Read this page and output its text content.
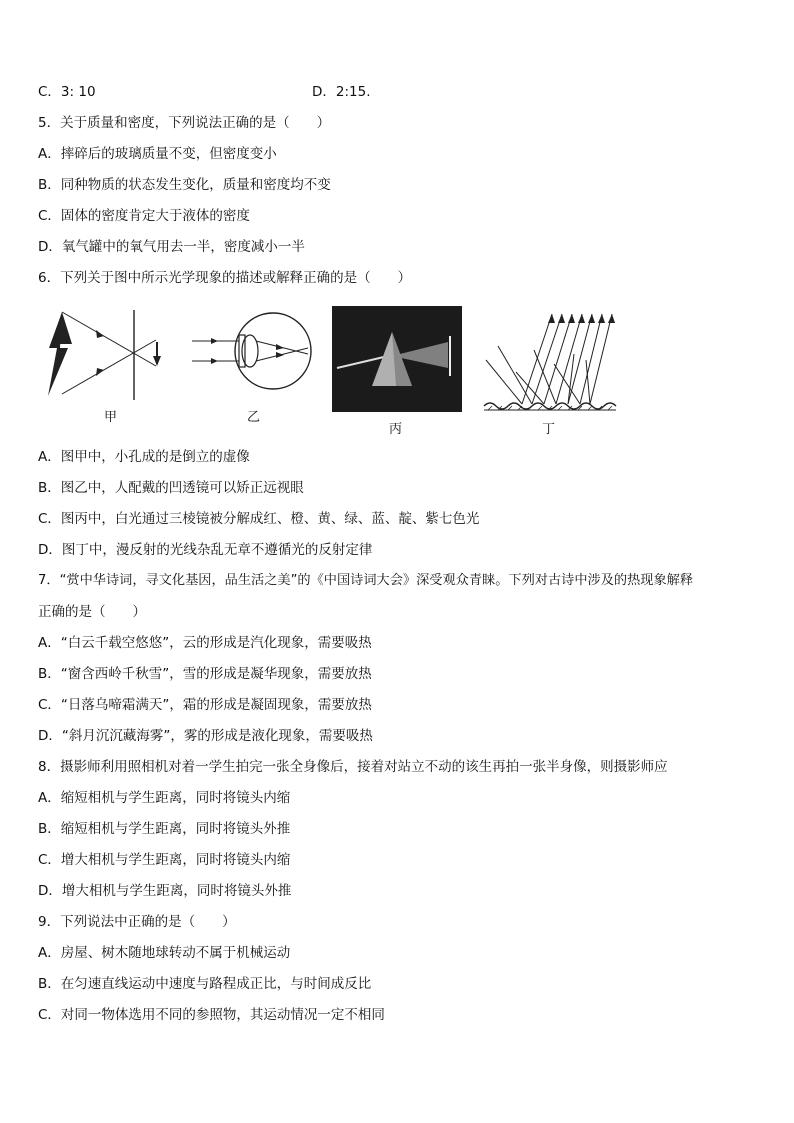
C．3: 10	D．2:15.
5．关于质量和密度，下列说法正确的是（　　）
A．摔碎后的玻璃质量不变，但密度变小
B．同种物质的状态发生变化，质量和密度均不变
C．固体的密度肯定大于液体的密度
D．氧气罐中的氧气用去一半，密度减小一半
6．下列关于图中所示光学现象的描述或解释正确的是（　　）
甲	乙
丙	丁
A．图甲中，小孔成的是倒立的虚像
B．图乙中，人配戴的凹透镜可以矫正远视眼
C．图丙中，白光通过三棱镜被分解成红、橙、黄、绿、蓝、靛、紫七色光
D．图丁中，漫反射的光线杂乱无章不遵循光的反射定律
7．“赏中华诗词，寻文化基因，品生活之美”的《中国诗词大会》深受观众青睐。下列对古诗中涉及的热现象解释
正确的是（　　）
A．“白云千载空悠悠”，云的形成是汽化现象，需要吸热
B．“窗含西岭千秋雪”，雪的形成是凝华现象，需要放热
C．“日落乌啼霜满天”，霜的形成是凝固现象，需要放热
D．“斜月沉沉藏海雾”，雾的形成是液化现象，需要吸热
8．摄影师利用照相机对着一学生拍完一张全身像后，接着对站立不动的该生再拍一张半身像，则摄影师应
A．缩短相机与学生距离，同时将镜头内缩
B．缩短相机与学生距离，同时将镜头外推
C．增大相机与学生距离，同时将镜头内缩
D．增大相机与学生距离，同时将镜头外推
9．下列说法中正确的是（　　）
A．房屋、树木随地球转动不属于机械运动
B．在匀速直线运动中速度与路程成正比，与时间成反比
C．对同一物体选用不同的参照物，其运动情况一定不相同
